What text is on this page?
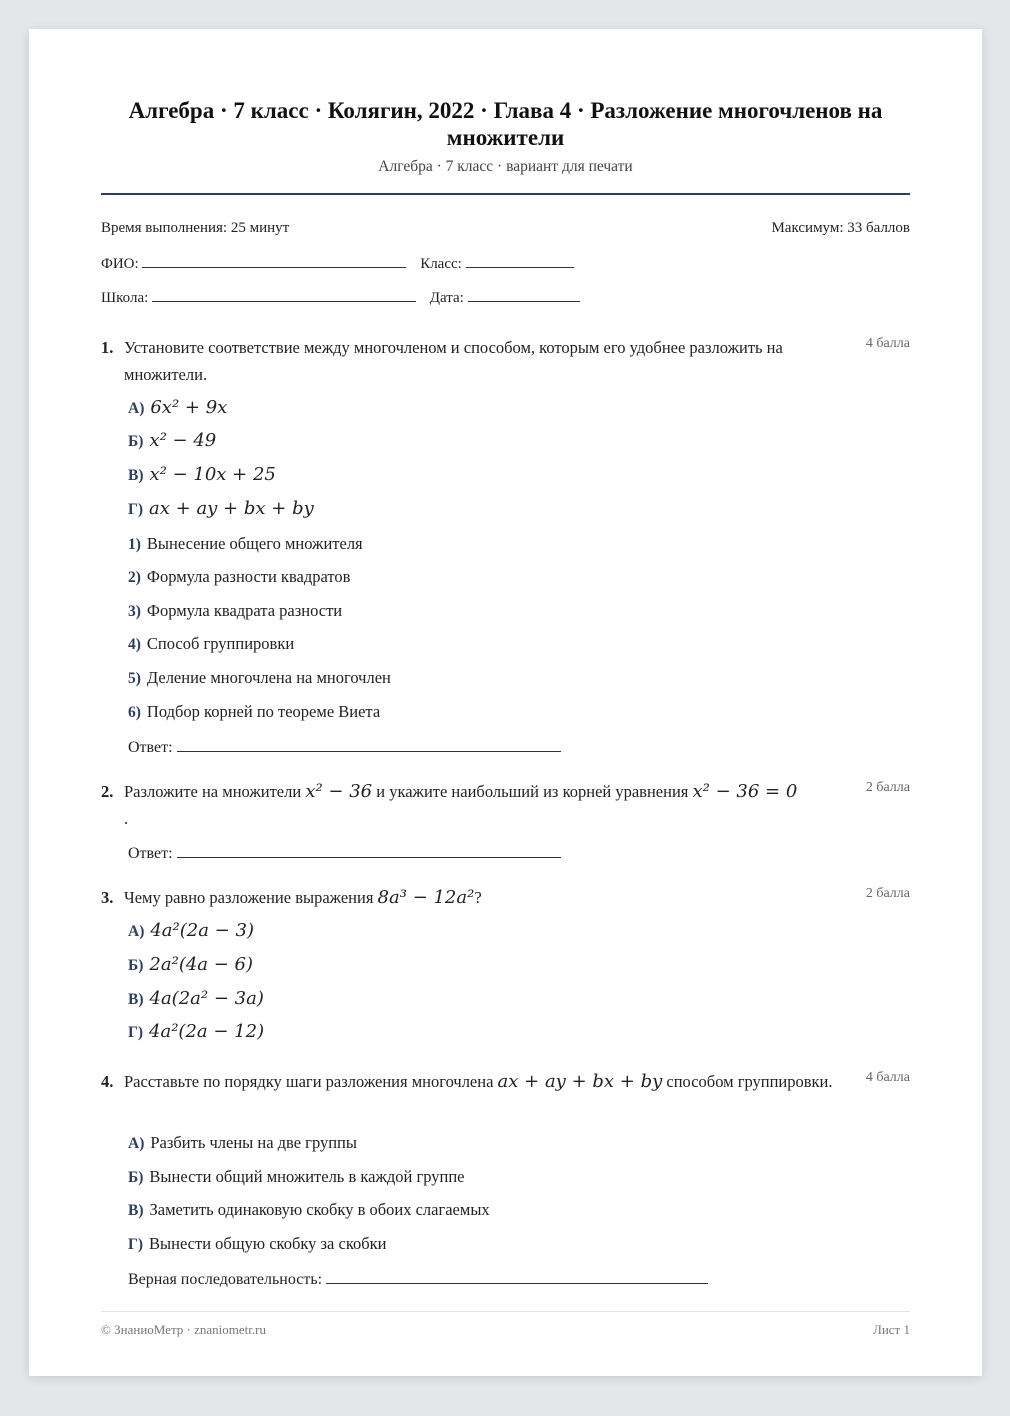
Алгебра · 7 класс · Колягин, 2022 · Глава 4 · Разложение многочленов на множители
Алгебра · 7 класс · вариант для печати
Время выполнения: 25 минут	Максимум: 33 баллов
ФИО:	Класс:
Школа:	Дата:
1. Установите соответствие между многочленом и способом, которым его удобнее разложить на множители.
4 балла
А) 6x² + 9x
Б) x² − 49
В) x² − 10x + 25
Г) ax + ay + bx + by
1) Вынесение общего множителя
2) Формула разности квадратов
3) Формула квадрата разности
4) Способ группировки
5) Деление многочлена на многочлен
6) Подбор корней по теореме Виета
Ответ:
2. Разложите на множители x² − 36 и укажите наибольший из корней уравнения x² − 36 = 0
.
2 балла
Ответ:
3. Чему равно разложение выражения 8a³ − 12a²?	2 балла
А) 4a²(2a − 3)
Б) 2a²(4a − 6)
В) 4a(2a² − 3a)
Г) 4a²(2a − 12)
4. Расставьте по порядку шаги разложения многочлена ax + ay + bx + by способом группировки.	4 балла
А) Разбить члены на две группы
Б) Вынести общий множитель в каждой группе
В) Заметить одинаковую скобку в обоих слагаемых
Г) Вынести общую скобку за скобки
Верная последовательность:
© ЗнаниоМетр · znaniometr.ru	Лист 1
